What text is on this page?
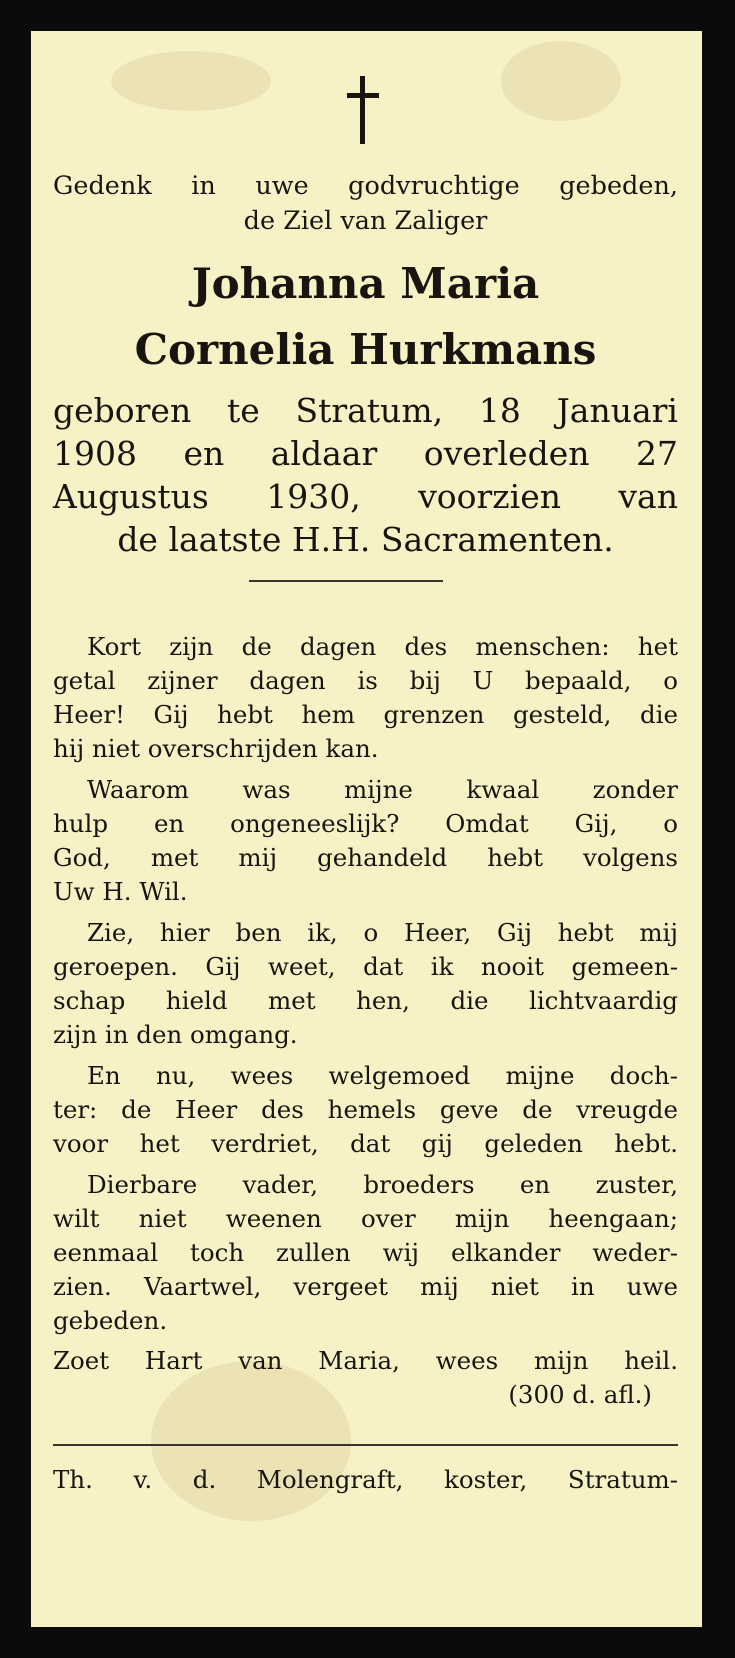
Gedenk in uwe godvruchtige gebeden,
de Ziel van Zaliger
Johanna Maria
Cornelia Hurkmans
geboren te Stratum, 18 Januari
1908 en aldaar overleden 27
Augustus 1930, voorzien van
de laatste H.H. Sacramenten.
Kort zijn de dagen des menschen: het
getal zijner dagen is bij U bepaald, o
Heer! Gij hebt hem grenzen gesteld, die
hij niet overschrijden kan.
Waarom was mijne kwaal zonder
hulp en ongeneeslijk? Omdat Gij, o
God, met mij gehandeld hebt volgens
Uw H. Wil.
Zie, hier ben ik, o Heer, Gij hebt mij
geroepen. Gij weet, dat ik nooit gemeen-
schap hield met hen, die lichtvaardig
zijn in den omgang.
En nu, wees welgemoed mijne doch-
ter: de Heer des hemels geve de vreugde
voor het verdriet, dat gij geleden hebt.
Dierbare vader, broeders en zuster,
wilt niet weenen over mijn heengaan;
eenmaal toch zullen wij elkander weder-
zien. Vaartwel, vergeet mij niet in uwe
gebeden.
Zoet Hart van Maria, wees mijn heil.
(300 d. afl.)
Th. v. d. Molengraft, koster, Stratum-
